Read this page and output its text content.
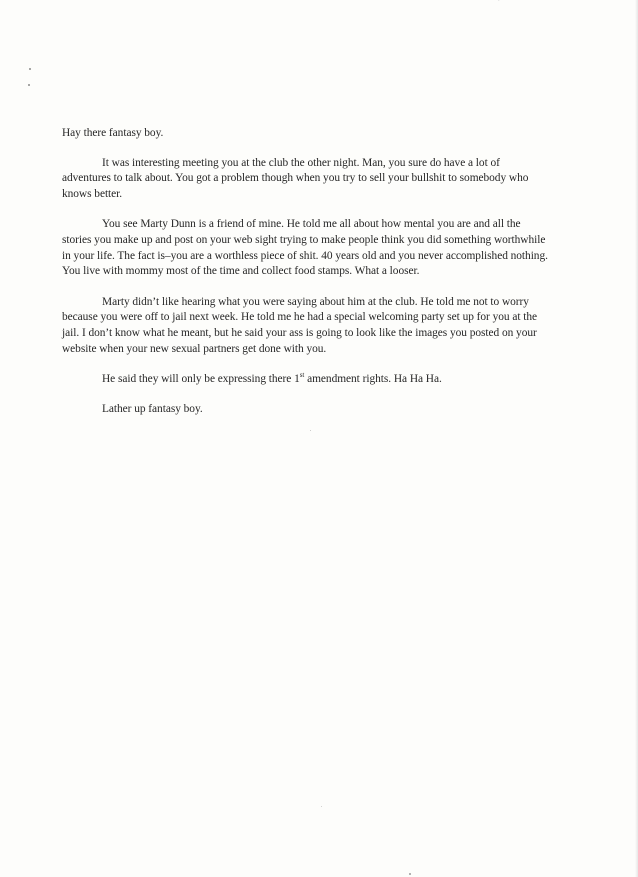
Hay there fantasy boy.

It was interesting meeting you at the club the other night. Man, you sure do have a lot of adventures to talk about. You got a problem though when you try to sell your bullshit to somebody who knows better.

You see Marty Dunn is a friend of mine. He told me all about how mental you are and all the stories you make up and post on your web sight trying to make people think you did something worthwhile in your life. The fact is–you are a worthless piece of shit. 40 years old and you never accomplished nothing. You live with mommy most of the time and collect food stamps. What a looser.

Marty didn’t like hearing what you were saying about him at the club. He told me not to worry because you were off to jail next week. He told me he had a special welcoming party set up for you at the jail. I don’t know what he meant, but he said your ass is going to look like the images you posted on your website when your new sexual partners get done with you.

He said they will only be expressing there 1st amendment rights. Ha Ha Ha.

Lather up fantasy boy.
